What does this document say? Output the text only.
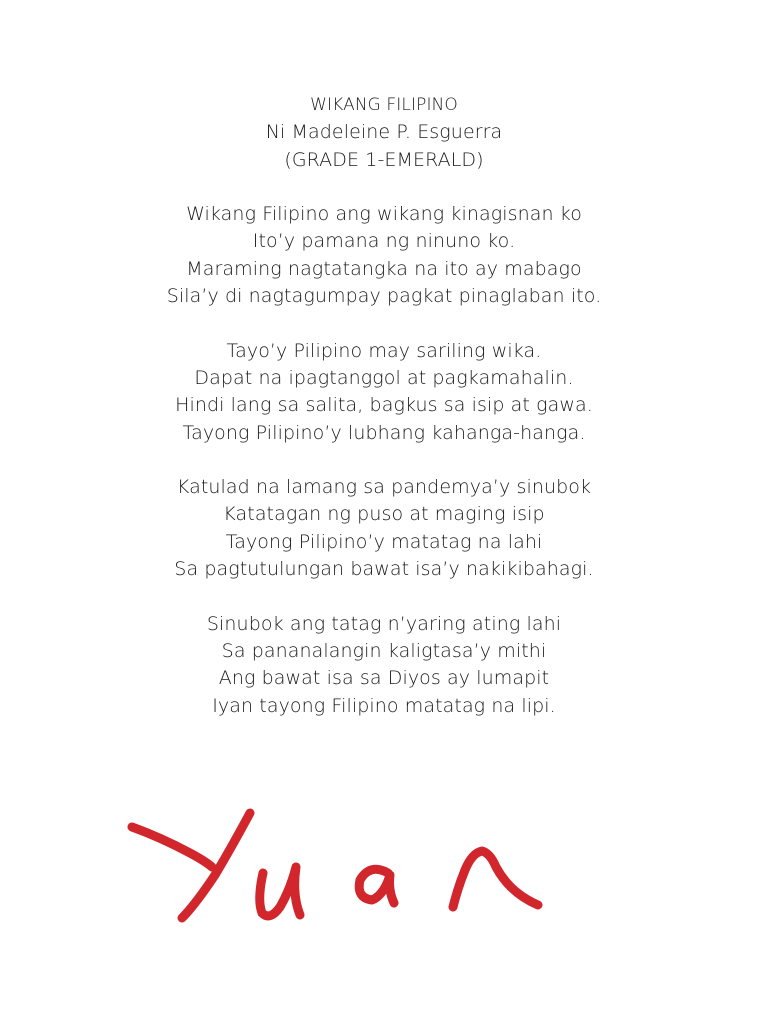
WIKANG FILIPINO
Ni Madeleine P. Esguerra
(GRADE 1-EMERALD)
Wikang Filipino ang wikang kinagisnan ko
Ito’y pamana ng ninuno ko.
Maraming nagtatangka na ito ay mabago
Sila’y di nagtagumpay pagkat pinaglaban ito.
Tayo’y Pilipino may sariling wika.
Dapat na ipagtanggol at pagkamahalin.
Hindi lang sa salita, bagkus sa isip at gawa.
Tayong Pilipino’y lubhang kahanga-hanga.
Katulad na lamang sa pandemya’y sinubok
Katatagan ng puso at maging isip
Tayong Pilipino’y matatag na lahi
Sa pagtutulungan bawat isa’y nakikibahagi.
Sinubok ang tatag n’yaring ating lahi
Sa pananalangin kaligtasa’y mithi
Ang bawat isa sa Diyos ay lumapit
Iyan tayong Filipino matatag na lipi.
